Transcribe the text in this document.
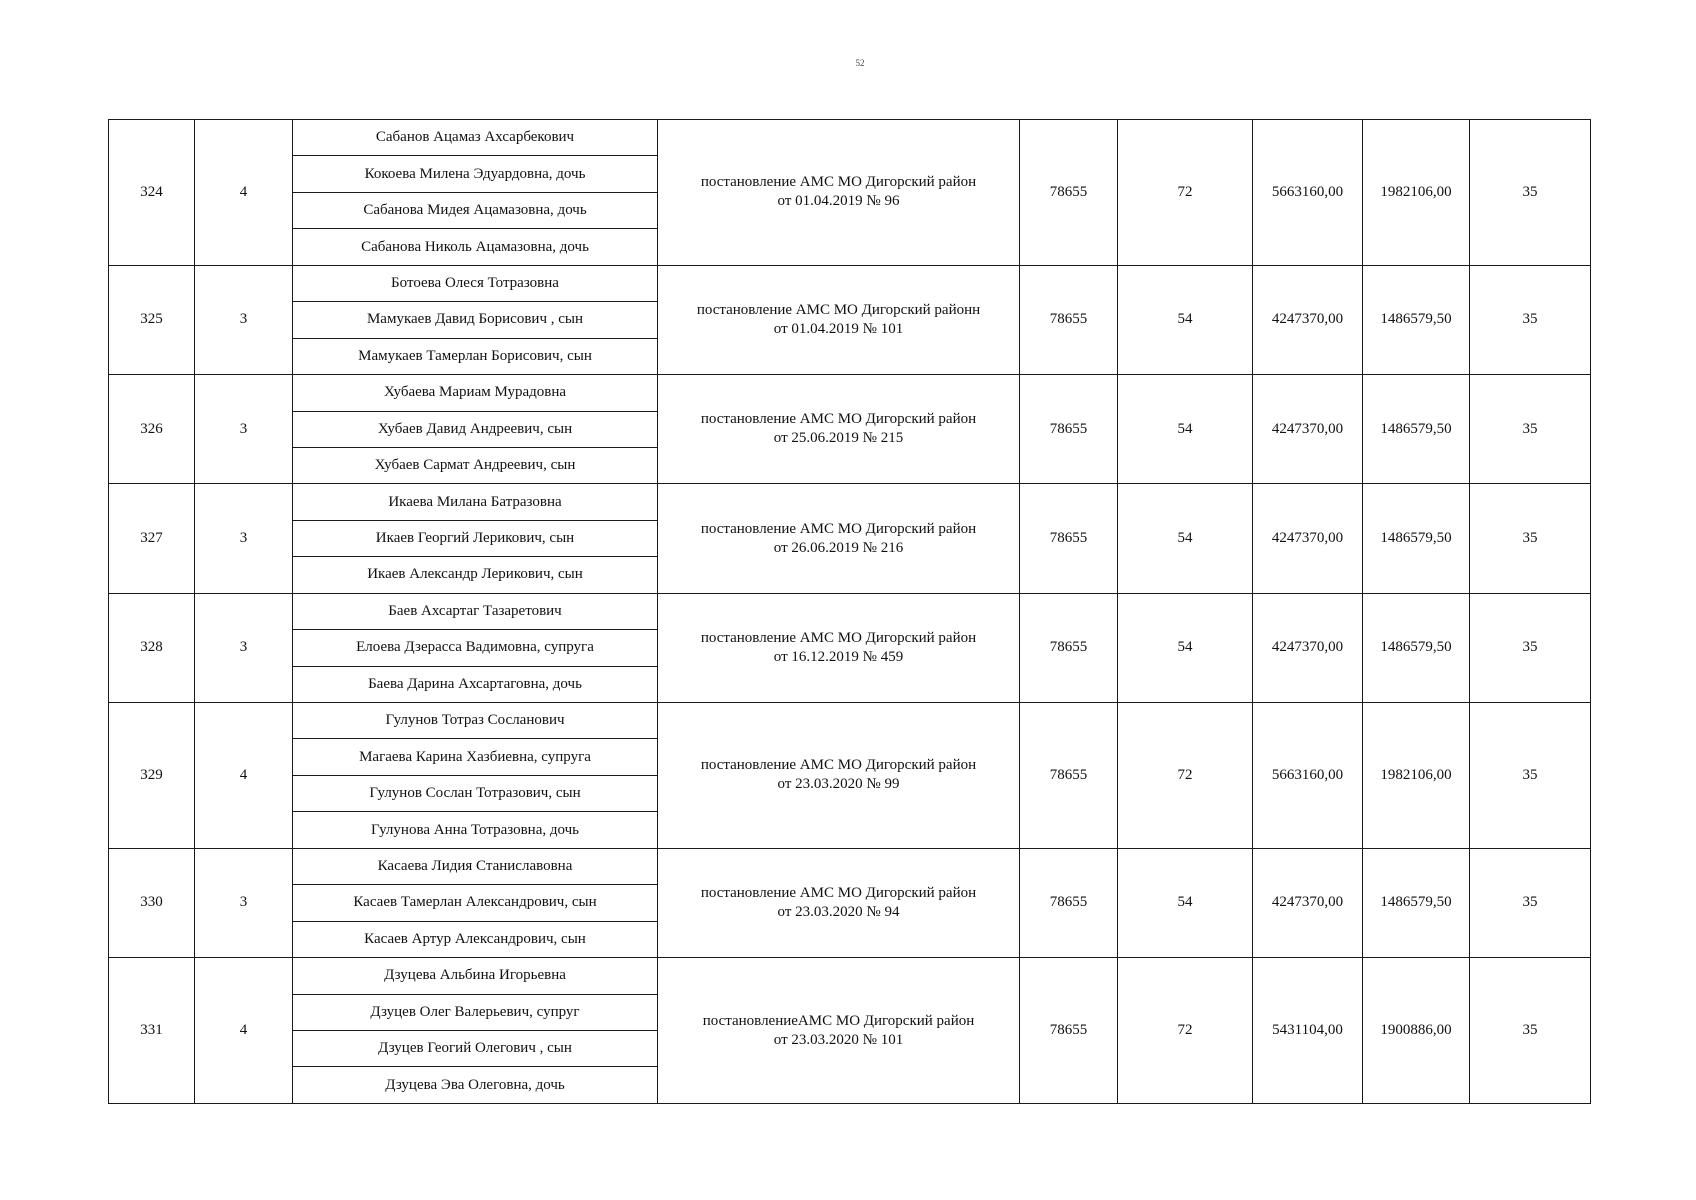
52
324	4	Сабанов Ацамаз Ахсарбекович	постановление АМС МО Дигорский район
от 01.04.2019 № 96	78655	72	5663160,00	1982106,00	35
		Кокоева Милена Эдуардовна, дочь						
		Сабанова Мидея Ацамазовна, дочь						
		Сабанова Николь Ацамазовна, дочь						
325	3	Ботоева Олеся Тотразовна	постановление АМС МО Дигорский районн
от 01.04.2019 № 101	78655	54	4247370,00	1486579,50	35
		Мамукаев Давид Борисович , сын						
		Мамукаев Тамерлан Борисович, сын						
326	3	Хубаева Мариам Мурадовна	постановление АМС МО Дигорский район
от 25.06.2019 № 215	78655	54	4247370,00	1486579,50	35
		Хубаев Давид Андреевич, сын						
		Хубаев Сармат Андреевич, сын						
327	3	Икаева Милана Батразовна	постановление АМС МО Дигорский район
от 26.06.2019 № 216	78655	54	4247370,00	1486579,50	35
		Икаев Георгий Лерикович, сын						
		Икаев Александр Лерикович, сын						
328	3	Баев Ахсартаг Тазаретович	постановление АМС МО Дигорский район
от 16.12.2019 № 459	78655	54	4247370,00	1486579,50	35
		Елоева Дзерасса Вадимовна, супруга						
		Баева Дарина Ахсартаговна, дочь						
329	4	Гулунов Тотраз Сосланович	постановление АМС МО Дигорский район
от 23.03.2020 № 99	78655	72	5663160,00	1982106,00	35
		Магаева Карина Хазбиевна, супруга						
		Гулунов Сослан Тотразович, сын						
		Гулунова Анна Тотразовна, дочь						
330	3	Касаева Лидия Станиславовна	постановление АМС МО Дигорский район
от 23.03.2020 № 94	78655	54	4247370,00	1486579,50	35
		Касаев Тамерлан Александрович, сын						
		Касаев Артур Александрович, сын						
331	4	Дзуцева Альбина Игорьевна	постановлениеАМС МО Дигорский район
от 23.03.2020 № 101	78655	72	5431104,00	1900886,00	35
		Дзуцев Олег Валерьевич, супруг						
		Дзуцев Геогий Олегович , сын						
		Дзуцева Эва Олеговна, дочь						
